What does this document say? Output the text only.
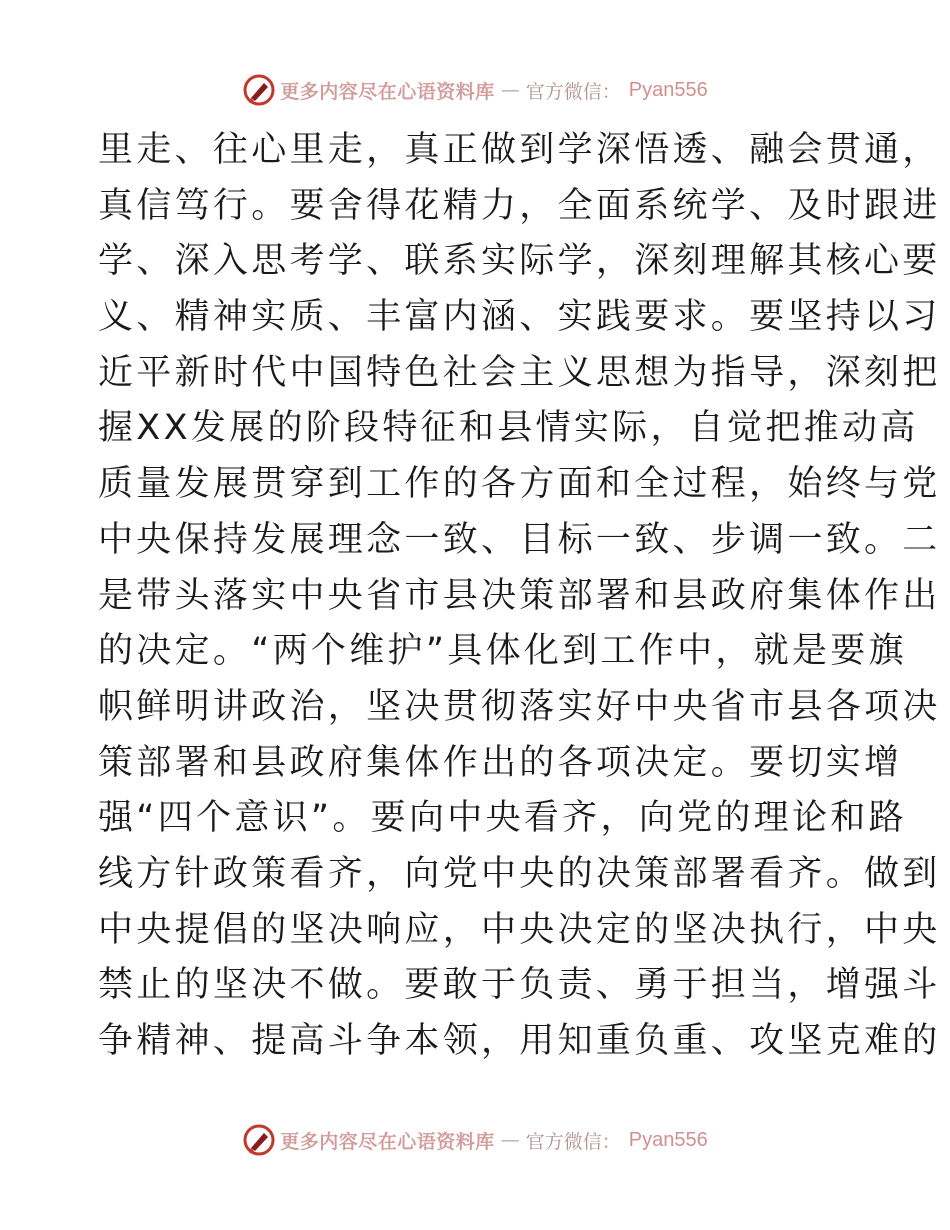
更多内容尽在心语资料库 — 官方微信： Pyan556
里走、往心里走，真正做到学深悟透、融会贯通，
真信笃行。要舍得花精力，全面系统学、及时跟进
学、深入思考学、联系实际学，深刻理解其核心要
义、精神实质、丰富内涵、实践要求。要坚持以习
近平新时代中国特色社会主义思想为指导，深刻把
握XX发展的阶段特征和县情实际，自觉把推动高
质量发展贯穿到工作的各方面和全过程，始终与党
中央保持发展理念一致、目标一致、步调一致。二
是带头落实中央省市县决策部署和县政府集体作出
的决定。“两个维护”具体化到工作中，就是要旗
帜鲜明讲政治，坚决贯彻落实好中央省市县各项决
策部署和县政府集体作出的各项决定。要切实增
强“四个意识”。要向中央看齐，向党的理论和路
线方针政策看齐，向党中央的决策部署看齐。做到
中央提倡的坚决响应，中央决定的坚决执行，中央
禁止的坚决不做。要敢于负责、勇于担当，增强斗
争精神、提高斗争本领，用知重负重、攻坚克难的
更多内容尽在心语资料库 — 官方微信： Pyan556
